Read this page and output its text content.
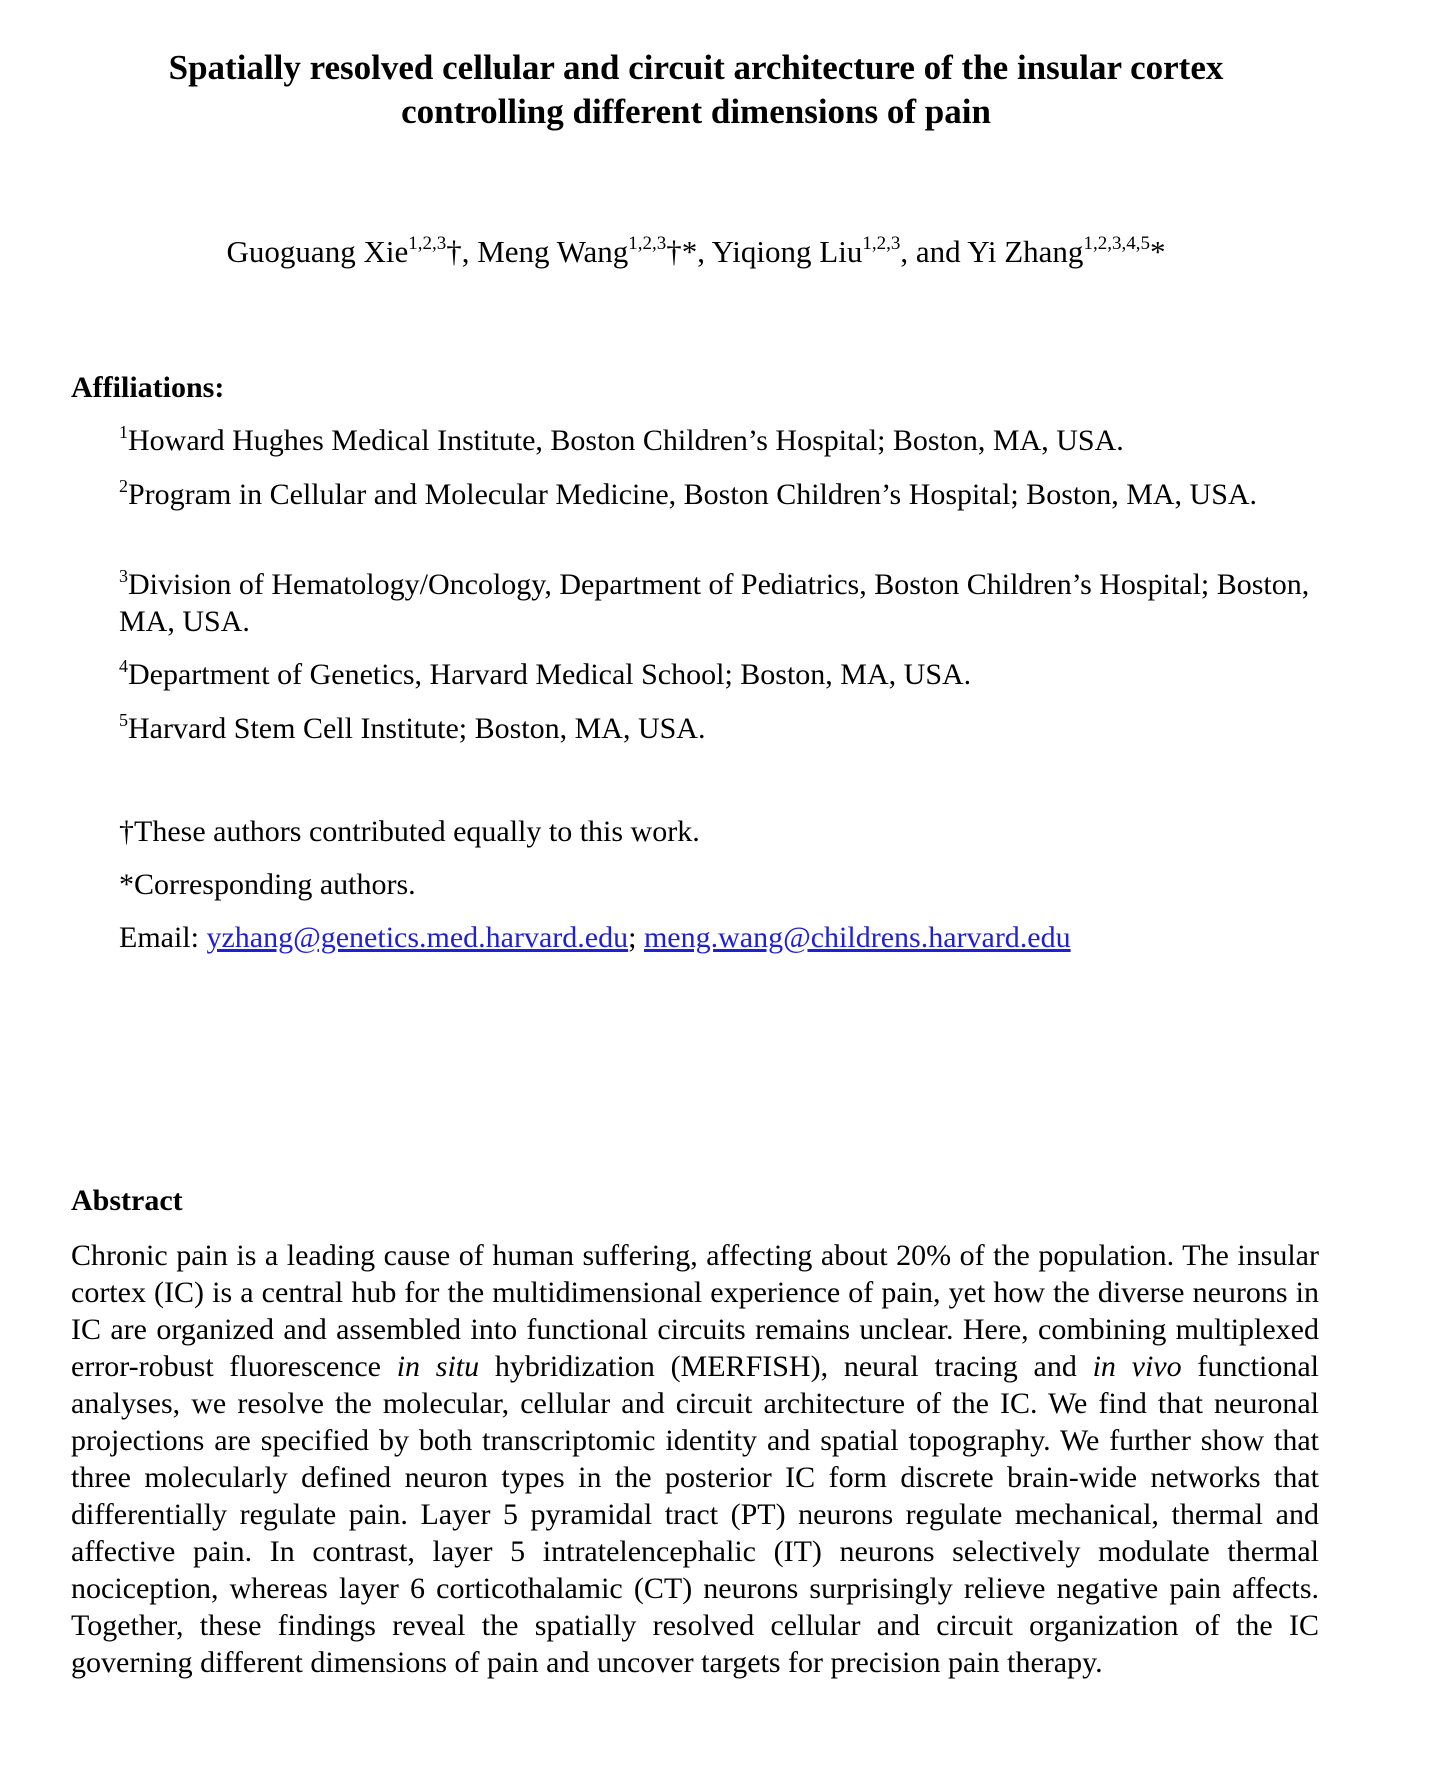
Spatially resolved cellular and circuit architecture of the insular cortex
controlling different dimensions of pain
Guoguang Xie$^{1,2,3}$†, Meng Wang$^{1,2,3}$†*, Yiqiong Liu$^{1,2,3}$, and Yi Zhang$^{1,2,3,4,5}$*
Affiliations:
$^1$Howard Hughes Medical Institute, Boston Children’s Hospital; Boston, MA, USA.
$^2$Program in Cellular and Molecular Medicine, Boston Children’s Hospital; Boston, MA, USA.
$^3$Division of Hematology/Oncology, Department of Pediatrics, Boston Children’s Hospital; Boston, MA, USA.
$^4$Department of Genetics, Harvard Medical School; Boston, MA, USA.
$^5$Harvard Stem Cell Institute; Boston, MA, USA.
†These authors contributed equally to this work.
*Corresponding authors.
Email: yzhang@genetics.med.harvard.edu; meng.wang@childrens.harvard.edu
Abstract
Chronic pain is a leading cause of human suffering, affecting about 20% of the population. The insular cortex (IC) is a central hub for the multidimensional experience of pain, yet how the diverse neurons in IC are organized and assembled into functional circuits remains unclear. Here, combining multiplexed error-robust fluorescence in situ hybridization (MERFISH), neural tracing and in vivo functional analyses, we resolve the molecular, cellular and circuit architecture of the IC. We find that neuronal projections are specified by both transcriptomic identity and spatial topography. We further show that three molecularly defined neuron types in the posterior IC form discrete brain-wide networks that differentially regulate pain. Layer 5 pyramidal tract (PT) neurons regulate mechanical, thermal and affective pain. In contrast, layer 5 intratelencephalic (IT) neurons selectively modulate thermal nociception, whereas layer 6 corticothalamic (CT) neurons surprisingly relieve negative pain affects. Together, these findings reveal the spatially resolved cellular and circuit organization of the IC governing different dimensions of pain and uncover targets for precision pain therapy.
